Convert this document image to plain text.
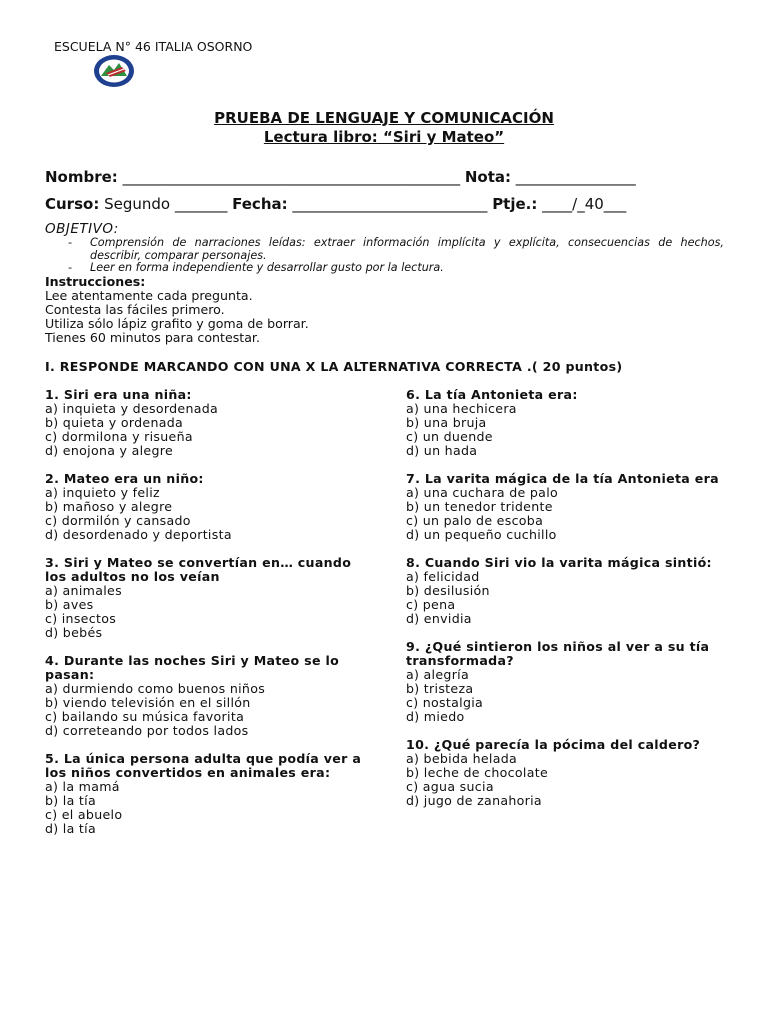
ESCUELA N° 46 ITALIA OSORNO
PRUEBA DE LENGUAJE Y COMUNICACIÓN
Lectura libro: “Siri y Mateo”
Nombre: _____________________________________________ Nota: ________________
Curso: Segundo _______ Fecha: __________________________ Ptje.: ____/_40___
OBJETIVO:
-	Comprensión de narraciones leídas: extraer información implícita y explícita, consecuencias de hechos, describir, comparar personajes.
-	Leer en forma independiente y desarrollar gusto por la lectura.
Instrucciones:
Lee atentamente cada pregunta.
Contesta las fáciles primero.
Utiliza sólo lápiz grafito y goma de borrar.
Tienes 60 minutos para contestar.
I. RESPONDE MARCANDO CON UNA X LA ALTERNATIVA CORRECTA .( 20 puntos)
1. Siri era una niña:
a) inquieta y desordenada
b) quieta y ordenada
c) dormilona y risueña
d) enojona y alegre
2. Mateo era un niño:
a) inquieto y feliz
b) mañoso y alegre
c) dormilón y cansado
d) desordenado y deportista
3. Siri y Mateo se convertían en… cuando los adultos no los veían
a) animales
b) aves
c) insectos
d) bebés
4. Durante las noches Siri y Mateo se lo pasan:
a) durmiendo como buenos niños
b) viendo televisión en el sillón
c) bailando su música favorita
d) correteando por todos lados
5. La única persona adulta que podía ver a los niños convertidos en animales era:
a) la mamá
b) la tía
c) el abuelo
d) la tía
6. La tía Antonieta era:
a) una hechicera
b) una bruja
c) un duende
d) un hada
7. La varita mágica de la tía Antonieta era
a) una cuchara de palo
b) un tenedor tridente
c) un palo de escoba
d) un pequeño cuchillo
8. Cuando Siri vio la varita mágica sintió:
a) felicidad
b) desilusión
c) pena
d) envidia
9. ¿Qué sintieron los niños al ver a su tía transformada?
a) alegría
b) tristeza
c) nostalgia
d) miedo
10. ¿Qué parecía la pócima del caldero?
a) bebida helada
b) leche de chocolate
c) agua sucia
d) jugo de zanahoria
